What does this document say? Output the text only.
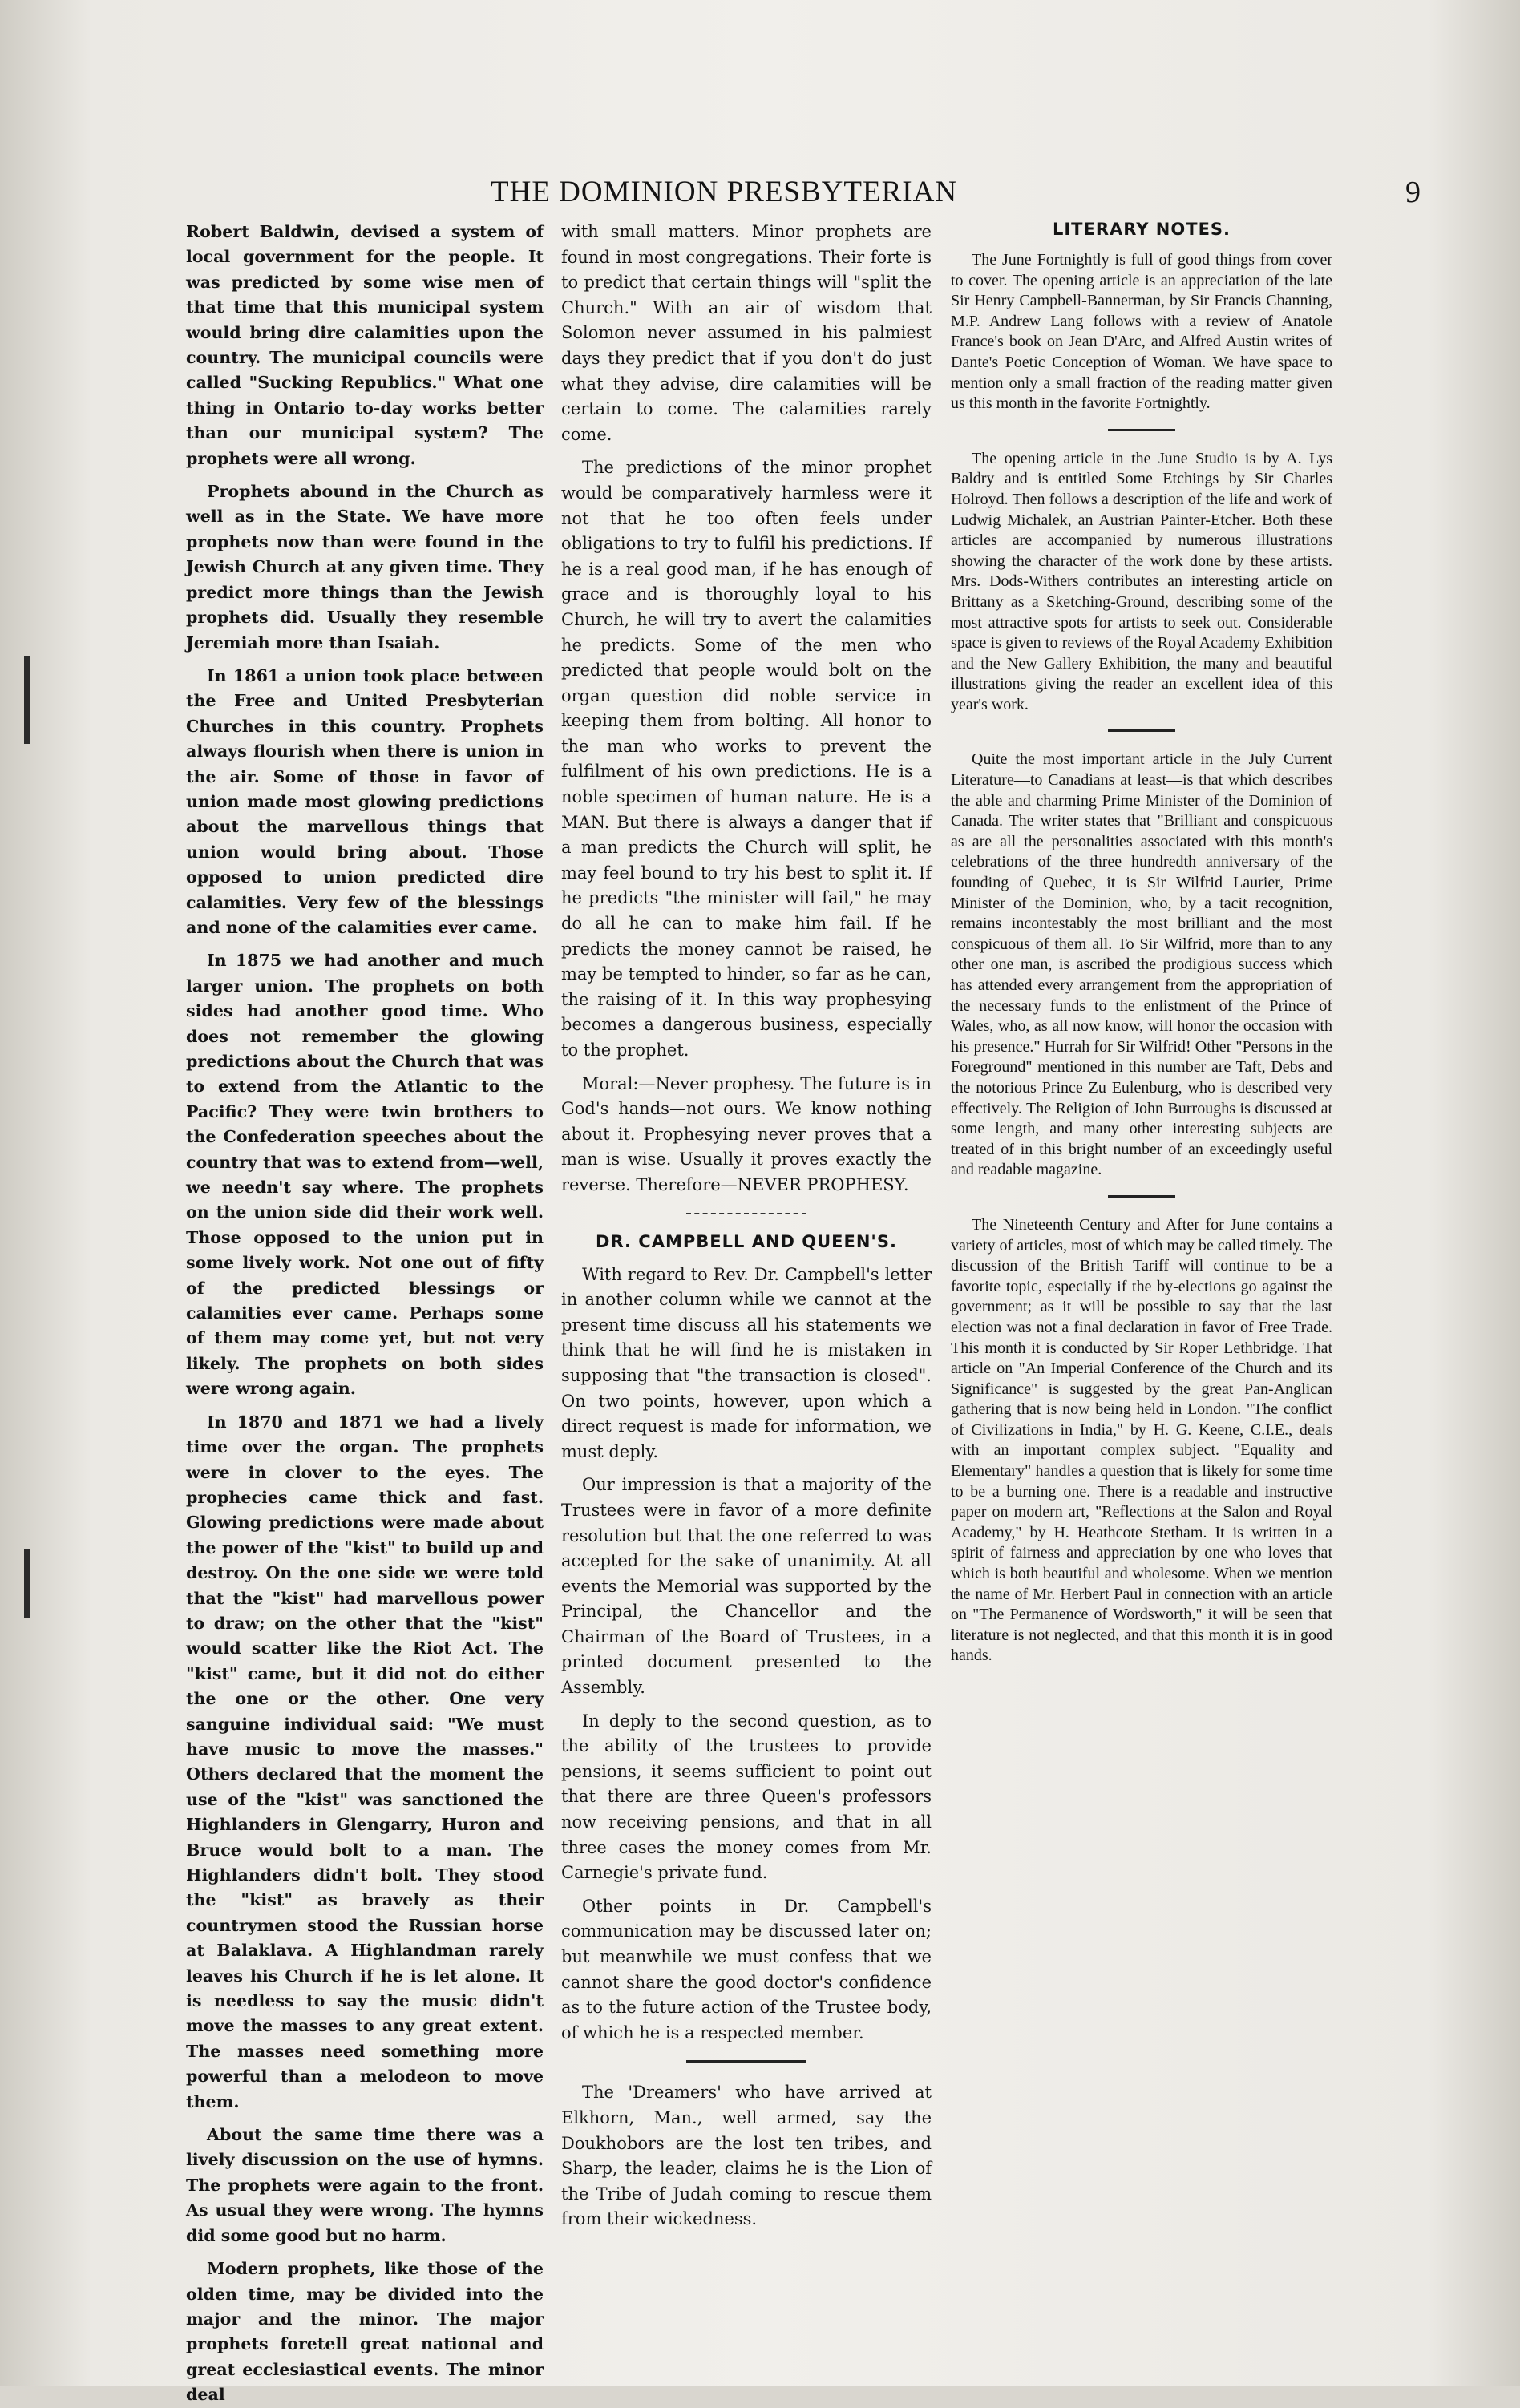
THE DOMINION PRESBYTERIAN	9

Robert Baldwin, devised a system of local government for the people. It was predicted by some wise men of that time that this municipal system would bring dire calamities upon the country. The municipal councils were called "Sucking Republics." What one thing in Ontario to-day works better than our municipal system? The prophets were all wrong.

Prophets abound in the Church as well as in the State. We have more prophets now than were found in the Jewish Church at any given time. They predict more things than the Jewish prophets did. Usually they resemble Jeremiah more than Isaiah.

In 1861 a union took place between the Free and United Presbyterian Churches in this country. Prophets always flourish when there is union in the air. Some of those in favor of union made most glowing predictions about the marvellous things that union would bring about. Those opposed to union predicted dire calamities. Very few of the blessings and none of the calamities ever came.

In 1875 we had another and much larger union. The prophets on both sides had another good time. Who does not remember the glowing predictions about the Church that was to extend from the Atlantic to the Pacific? They were twin brothers to the Confederation speeches about the country that was to extend from—well, we needn't say where. The prophets on the union side did their work well. Those opposed to the union put in some lively work. Not one out of fifty of the predicted blessings or calamities ever came. Perhaps some of them may come yet, but not very likely. The prophets on both sides were wrong again.

In 1870 and 1871 we had a lively time over the organ. The prophets were in clover to the eyes. The prophecies came thick and fast. Glowing predictions were made about the power of the "kist" to build up and destroy. On the one side we were told that the "kist" had marvellous power to draw; on the other that the "kist" would scatter like the Riot Act. The "kist" came, but it did not do either the one or the other. One very sanguine individual said: "We must have music to move the masses." Others declared that the moment the use of the "kist" was sanctioned the Highlanders in Glengarry, Huron and Bruce would bolt to a man. The Highlanders didn't bolt. They stood the "kist" as bravely as their countrymen stood the Russian horse at Balaklava. A Highlandman rarely leaves his Church if he is let alone. It is needless to say the music didn't move the masses to any great extent. The masses need something more powerful than a melodeon to move them.

About the same time there was a lively discussion on the use of hymns. The prophets were again to the front. As usual they were wrong. The hymns did some good but no harm.

Modern prophets, like those of the olden time, may be divided into the major and the minor. The major prophets foretell great national and great ecclesiastical events. The minor deal

with small matters. Minor prophets are found in most congregations. Their forte is to predict that certain things will "split the Church." With an air of wisdom that Solomon never assumed in his palmiest days they predict that if you don't do just what they advise, dire calamities will be certain to come. The calamities rarely come.

The predictions of the minor prophet would be comparatively harmless were it not that he too often feels under obligations to try to fulfil his predictions. If he is a real good man, if he has enough of grace and is thoroughly loyal to his Church, he will try to avert the calamities he predicts. Some of the men who predicted that people would bolt on the organ question did noble service in keeping them from bolting. All honor to the man who works to prevent the fulfilment of his own predictions. He is a noble specimen of human nature. He is a MAN. But there is always a danger that if a man predicts the Church will split, he may feel bound to try his best to split it. If he predicts "the minister will fail," he may do all he can to make him fail. If he predicts the money cannot be raised, he may be tempted to hinder, so far as he can, the raising of it. In this way prophesying becomes a dangerous business, especially to the prophet.

Moral:—Never prophesy. The future is in God's hands—not ours. We know nothing about it. Prophesying never proves that a man is wise. Usually it proves exactly the reverse. Therefore—NEVER PROPHESY.

DR. CAMPBELL AND QUEEN'S.

With regard to Rev. Dr. Campbell's letter in another column while we cannot at the present time discuss all his statements we think that he will find he is mistaken in supposing that "the transaction is closed". On two points, however, upon which a direct request is made for information, we must deply.

Our impression is that a majority of the Trustees were in favor of a more definite resolution but that the one referred to was accepted for the sake of unanimity. At all events the Memorial was supported by the Principal, the Chancellor and the Chairman of the Board of Trustees, in a printed document presented to the Assembly.

In deply to the second question, as to the ability of the trustees to provide pensions, it seems sufficient to point out that there are three Queen's professors now receiving pensions, and that in all three cases the money comes from Mr. Carnegie's private fund.

Other points in Dr. Campbell's communication may be discussed later on; but meanwhile we must confess that we cannot share the good doctor's confidence as to the future action of the Trustee body, of which he is a respected member.

The 'Dreamers' who have arrived at Elkhorn, Man., well armed, say the Doukhobors are the lost ten tribes, and Sharp, the leader, claims he is the Lion of the Tribe of Judah coming to rescue them from their wickedness.

LITERARY NOTES.

The June Fortnightly is full of good things from cover to cover. The opening article is an appreciation of the late Sir Henry Campbell-Bannerman, by Sir Francis Channing, M.P. Andrew Lang follows with a review of Anatole France's book on Jean D'Arc, and Alfred Austin writes of Dante's Poetic Conception of Woman. We have space to mention only a small fraction of the reading matter given us this month in the favorite Fortnightly.

The opening article in the June Studio is by A. Lys Baldry and is entitled Some Etchings by Sir Charles Holroyd. Then follows a description of the life and work of Ludwig Michalek, an Austrian Painter-Etcher. Both these articles are accompanied by numerous illustrations showing the character of the work done by these artists. Mrs. Dods-Withers contributes an interesting article on Brittany as a Sketching-Ground, describing some of the most attractive spots for artists to seek out. Considerable space is given to reviews of the Royal Academy Exhibition and the New Gallery Exhibition, the many and beautiful illustrations giving the reader an excellent idea of this year's work.

Quite the most important article in the July Current Literature—to Canadians at least—is that which describes the able and charming Prime Minister of the Dominion of Canada. The writer states that "Brilliant and conspicuous as are all the personalities associated with this month's celebrations of the three hundredth anniversary of the founding of Quebec, it is Sir Wilfrid Laurier, Prime Minister of the Dominion, who, by a tacit recognition, remains incontestably the most brilliant and the most conspicuous of them all. To Sir Wilfrid, more than to any other one man, is ascribed the prodigious success which has attended every arrangement from the appropriation of the necessary funds to the enlistment of the Prince of Wales, who, as all now know, will honor the occasion with his presence." Hurrah for Sir Wilfrid! Other "Persons in the Foreground" mentioned in this number are Taft, Debs and the notorious Prince Zu Eulenburg, who is described very effectively. The Religion of John Burroughs is discussed at some length, and many other interesting subjects are treated of in this bright number of an exceedingly useful and readable magazine.

The Nineteenth Century and After for June contains a variety of articles, most of which may be called timely. The discussion of the British Tariff will continue to be a favorite topic, especially if the by-elections go against the government; as it will be possible to say that the last election was not a final declaration in favor of Free Trade. This month it is conducted by Sir Roper Lethbridge. That article on "An Imperial Conference of the Church and its Significance" is suggested by the great Pan-Anglican gathering that is now being held in London. "The conflict of Civilizations in India," by H. G. Keene, C.I.E., deals with an important complex subject. "Equality and Elementary" handles a question that is likely for some time to be a burning one. There is a readable and instructive paper on modern art, "Reflections at the Salon and Royal Academy," by H. Heathcote Stetham. It is written in a spirit of fairness and appreciation by one who loves that which is both beautiful and wholesome. When we mention the name of Mr. Herbert Paul in connection with an article on "The Permanence of Wordsworth," it will be seen that literature is not neglected, and that this month it is in good hands.
